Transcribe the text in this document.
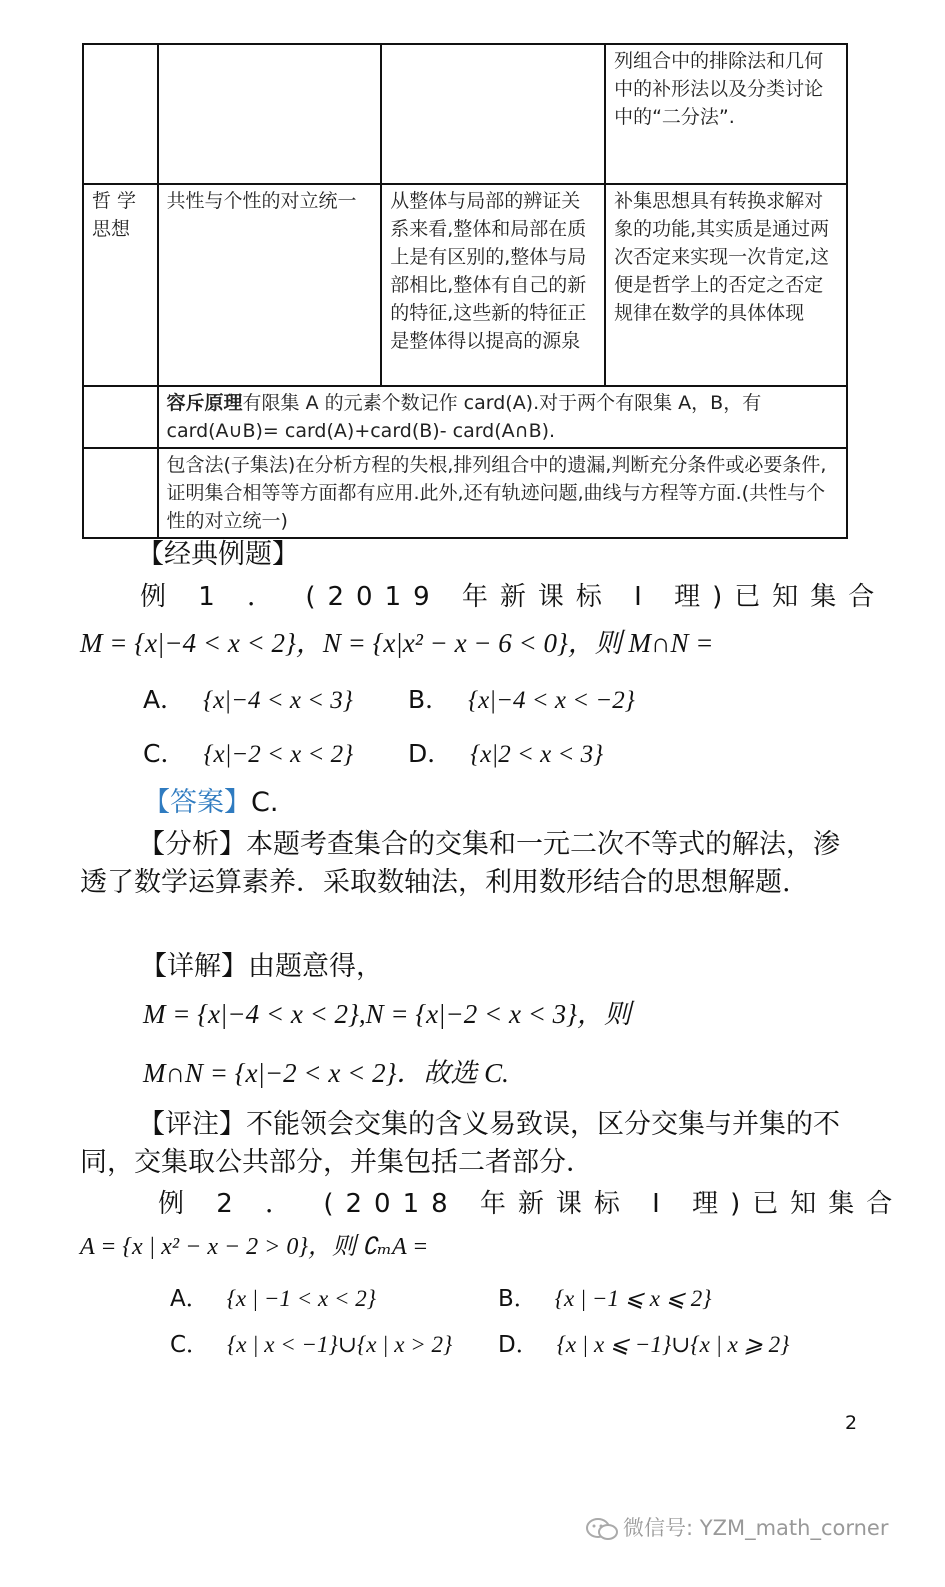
			列组合中的排除法和几何中的补形法以及分类讨论中的“二分法”.
哲 学 思想	共性与个性的对立统一	从整体与局部的辨证关系来看,整体和局部在质上是有区别的,整体与局部相比,整体有自己的新的特征,这些新的特征正是整体得以提高的源泉	补集思想具有转换求解对象的功能,其实质是通过两次否定来实现一次肯定,这便是哲学上的否定之否定规律在数学的具体体现
	容斥原理有限集 A 的元素个数记作 card(A).对于两个有限集 A，B，有 card(A∪B)= card(A)+card(B)- card(A∩B).		
	包含法(子集法)在分析方程的失根,排列组合中的遗漏,判断充分条件或必要条件,证明集合相等等方面都有应用.此外,还有轨迹问题,曲线与方程等方面.(共性与个性的对立统一)		
【经典例题】
例 1 ． (2019 年新课标 I 理)已知集合
M = {x|−4 < x < 2}，N = {x|x² − x − 6 < 0}，则 M∩N =
A． {x|−4 < x < 3} B． {x|−4 < x < −2}
C． {x|−2 < x < 2} D． {x|2 < x < 3}
【答案】C.
【分析】本题考查集合的交集和一元二次不等式的解法，渗透了数学运算素养．采取数轴法，利用数形结合的思想解题.
【详解】由题意得，
M = {x|−4 < x < 2},N = {x|−2 < x < 3}，则
M∩N = {x|−2 < x < 2}．故选 C.
【评注】不能领会交集的含义易致误，区分交集与并集的不同，交集取公共部分，并集包括二者部分．
例 2 ． (2018 年新课标 I 理)已知集合
A = {x | x² − x − 2 > 0}，则 ∁ₘA =
A． {x | −1 < x < 2}	B． {x | −1 ⩽ x ⩽ 2}
C． {x | x < −1}∪{x | x > 2} D． {x | x ⩽ −1}∪{x | x ⩾ 2}
2
微信号: YZM_math_corner
